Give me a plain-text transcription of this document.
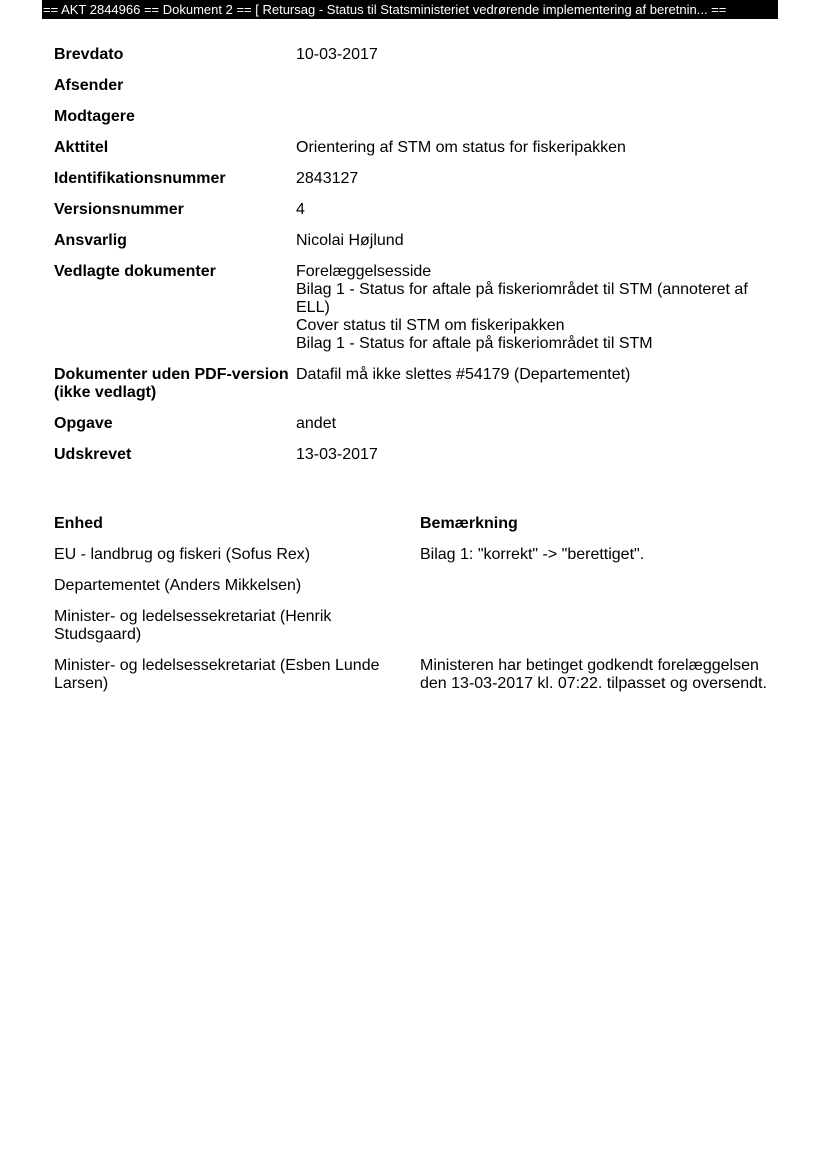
== AKT 2844966 == Dokument 2 == [ Retursag - Status til Statsministeriet vedrørende implementering af beretnin... ==
Brevdato	10-03-2017

Afsender	
Modtagere	
Akttitel	Orientering af STM om status for fiskeripakken

Identifikationsnummer	2843127

Versionsnummer	4

Ansvarlig	Nicolai Højlund

Vedlagte dokumenter	Forelæggelsesside
Bilag 1 - Status for aftale på fiskeriområdet til STM (annoteret af ELL)
Cover status til STM om fiskeripakken
Bilag 1 - Status for aftale på fiskeriområdet til STM

Dokumenter uden PDF-version (ikke vedlagt)	Datafil må ikke slettes #54179 (Departementet)

Opgave	andet

Udskrevet	13-03-2017
Enhed	Bemærkning
EU - landbrug og fiskeri (Sofus Rex)	Bilag 1: "korrekt" -> "berettiget".
Departementet (Anders Mikkelsen)	
Minister- og ledelsessekretariat (Henrik Studsgaard)	
Minister- og ledelsessekretariat (Esben Lunde Larsen)	Ministeren har betinget godkendt forelæggelsen den 13-03-2017 kl. 07:22. tilpasset og oversendt.
